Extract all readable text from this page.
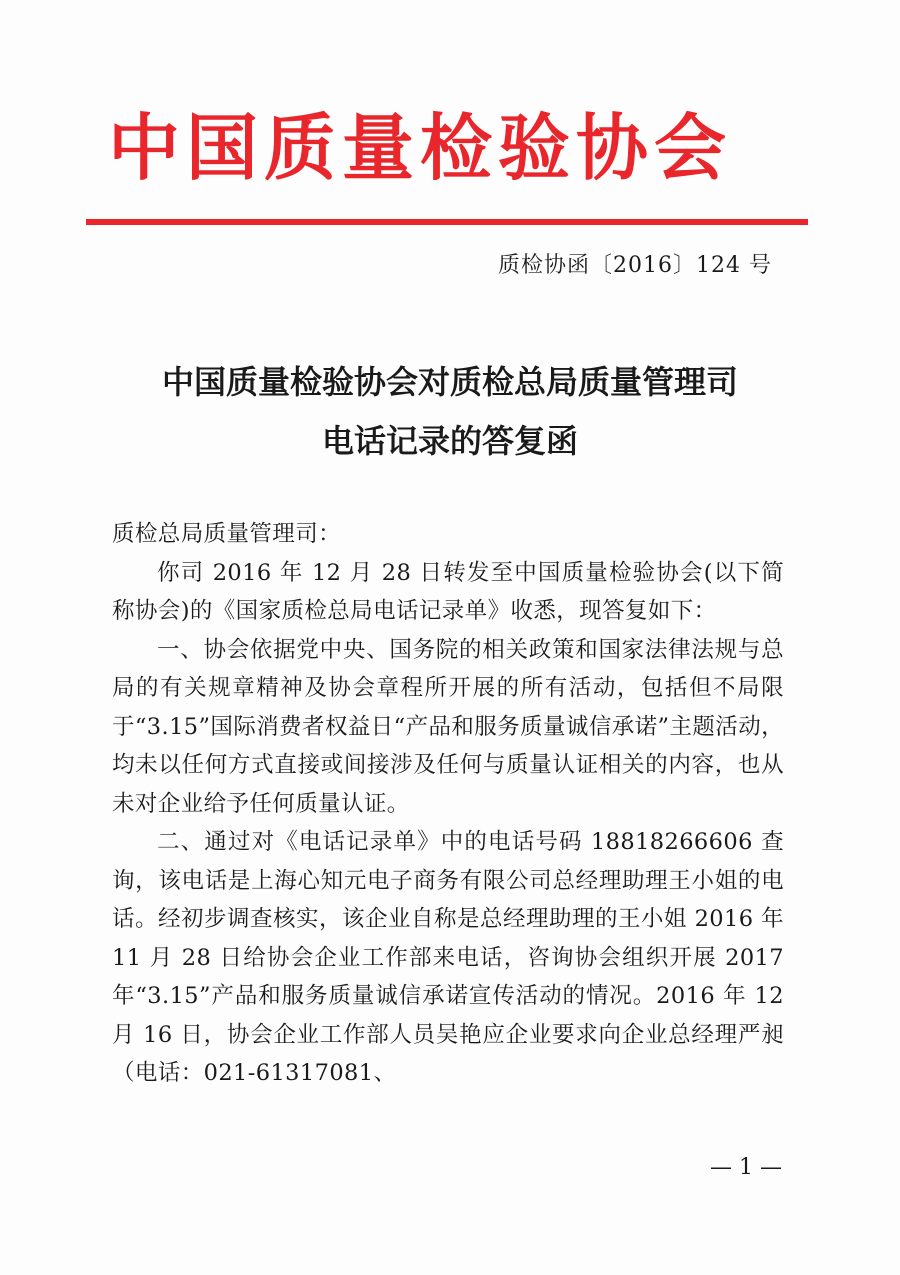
中国质量检验协会
质检协函〔2016〕124 号
中国质量检验协会对质检总局质量管理司
电话记录的答复函

质检总局质量管理司：

你司 2016 年 12 月 28 日转发至中国质量检验协会(以下简称协会)的《国家质检总局电话记录单》收悉，现答复如下：

一、协会依据党中央、国务院的相关政策和国家法律法规与总局的有关规章精神及协会章程所开展的所有活动，包括但不局限于“3.15”国际消费者权益日“产品和服务质量诚信承诺”主题活动，均未以任何方式直接或间接涉及任何与质量认证相关的内容，也从未对企业给予任何质量认证。

二、通过对《电话记录单》中的电话号码 18818266606 查询，该电话是上海心知元电子商务有限公司总经理助理王小姐的电话。经初步调查核实，该企业自称是总经理助理的王小姐 2016 年 11 月 28 日给协会企业工作部来电话，咨询协会组织开展 2017 年“3.15”产品和服务质量诚信承诺宣传活动的情况。2016 年 12 月 16 日，协会企业工作部人员吴艳应企业要求向企业总经理严昶（电话：021-61317081、

— 1 —
